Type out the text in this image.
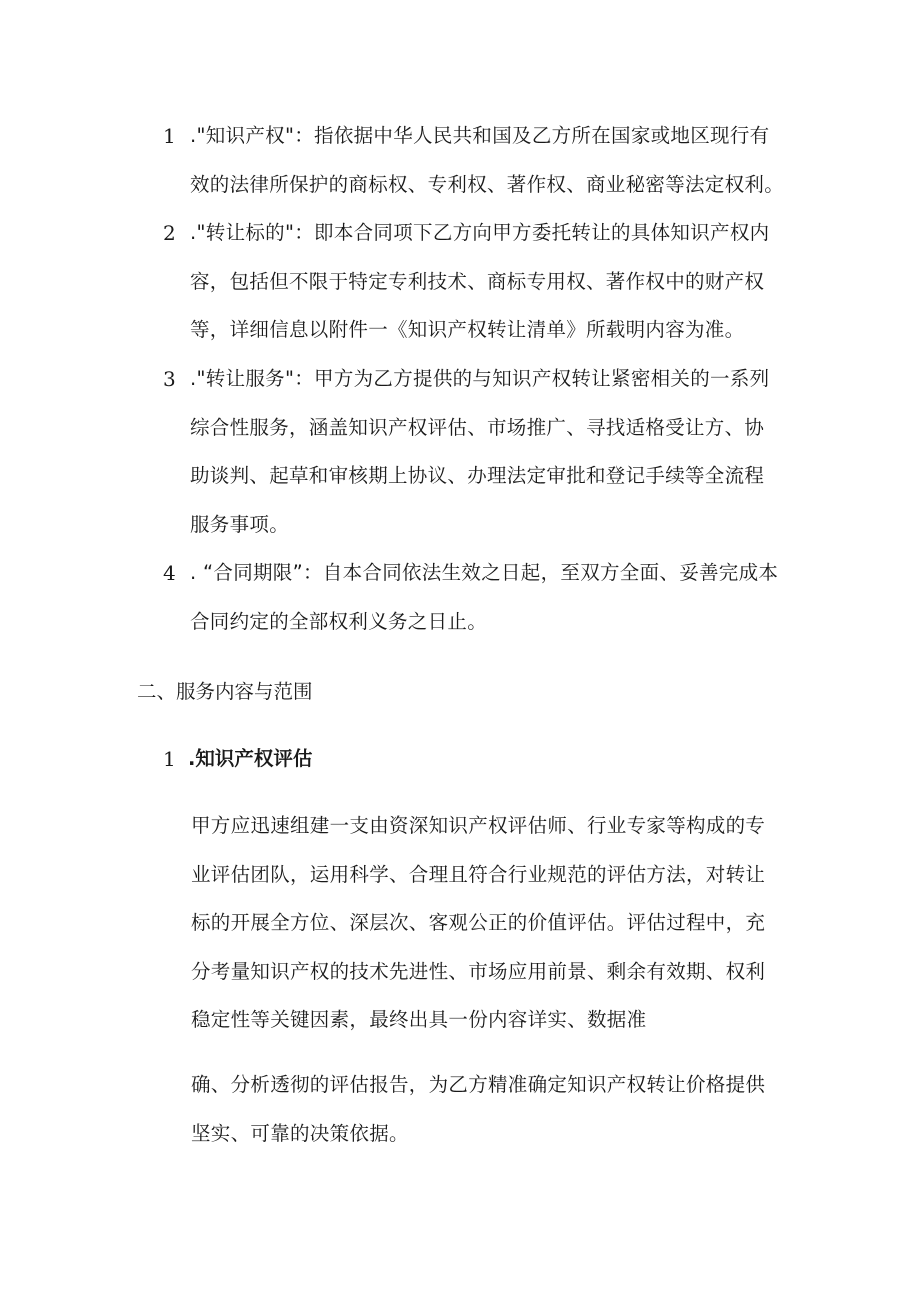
1 ."知识产权"：指依据中华人民共和国及乙方所在国家或地区现行有
效的法律所保护的商标权、专利权、著作权、商业秘密等法定权利。
2 ."转让标的"：即本合同项下乙方向甲方委托转让的具体知识产权内
容，包括但不限于特定专利技术、商标专用权、著作权中的财产权
等，详细信息以附件一《知识产权转让清单》所载明内容为准。
3 ."转让服务"：甲方为乙方提供的与知识产权转让紧密相关的一系列
综合性服务，涵盖知识产权评估、市场推广、寻找适格受让方、协
助谈判、起草和审核期上协议、办理法定审批和登记手续等全流程
服务事项。
4 . “合同期限”：自本合同依法生效之日起，至双方全面、妥善完成本
合同约定的全部权利义务之日止。
二、服务内容与范围
1 .知识产权评估
甲方应迅速组建一支由资深知识产权评估师、行业专家等构成的专
业评估团队，运用科学、合理且符合行业规范的评估方法，对转让
标的开展全方位、深层次、客观公正的价值评估。评估过程中，充
分考量知识产权的技术先进性、市场应用前景、剩余有效期、权利
稳定性等关键因素，最终出具一份内容详实、数据准
确、分析透彻的评估报告，为乙方精准确定知识产权转让价格提供
坚实、可靠的决策依据。
